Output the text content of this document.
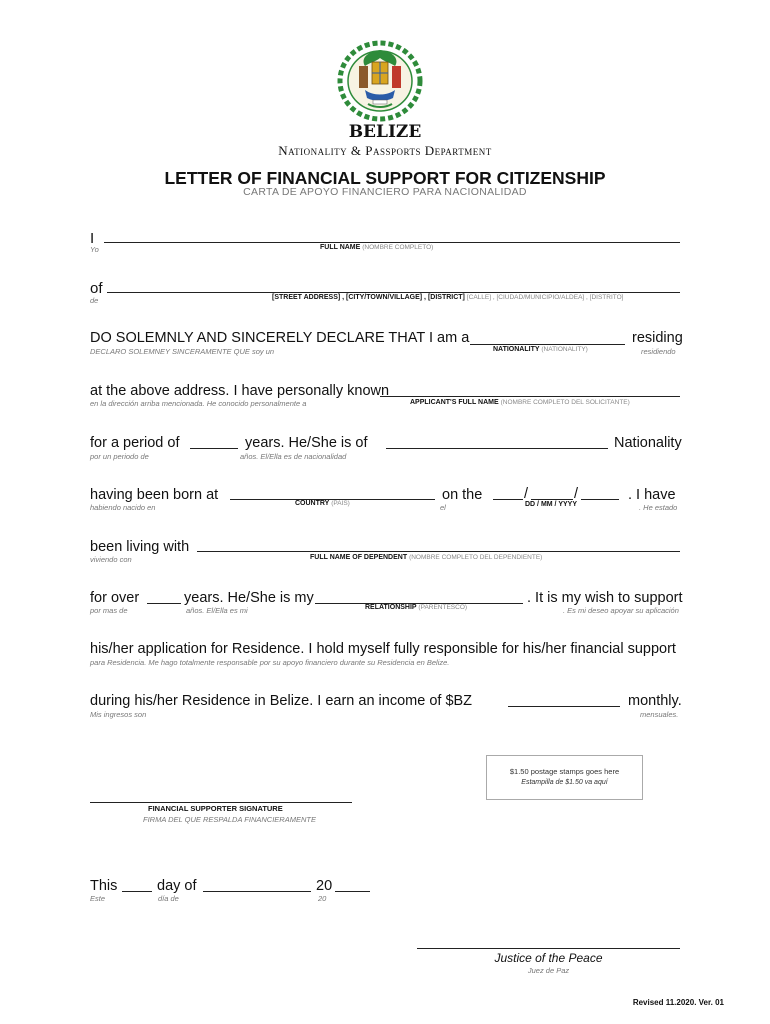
BELIZE
Nationality & Passports Department
LETTER OF FINANCIAL SUPPORT FOR CITIZENSHIP
CARTA DE APOYO FINANCIERO PARA NACIONALIDAD
I
Yo	FULL NAME (NOMBRE COMPLETO)
of
de	[STREET ADDRESS] , [CITY/TOWN/VILLAGE] , [DISTRICT] [CALLE] , [CIUDAD/MUNICIPIO/ALDEA] , [DISTRITO]
DO SOLEMNLY AND SINCERELY DECLARE THAT I am a	residing
DECLARO SOLEMNEY SINCERAMENTE QUE soy un	NATIONALITY (NATIONALITY)	residiendo
at the above address. I have personally known
en la dirección arriba mencionada. He conocido personalmente a	APPLICANT'S FULL NAME (NOMBRE COMPLETO DEL SOLICITANTE)
for a period of	years. He/She is of	Nationality
por un periodo de	años. El/Ella es de nacionalidad
having been born at	on the	/	/	. I have
habiendo nacido en	COUNTRY (PAIS)	el	DD / MM / YYYY	. He estado
been living with
viviendo con	FULL NAME OF DEPENDENT (NOMBRE COMPLETO DEL DEPENDIENTE)
for over	years. He/She is my	. It is my wish to support
por mas de	años. El/Ella es mi	RELATIONSHIP (PARENTESCO)	. Es mi deseo apoyar su aplicación
his/her application for Residence. I hold myself fully responsible for his/her financial support
para Residencia. Me hago totalmente responsable por su apoyo financiero durante su Residencia en Belize.
during his/her Residence in Belize. I earn an income of $BZ	monthly.
Mis ingresos son	mensuales.
$1.50 postage stamps goes here
Estampilla de $1.50 va aquí
FINANCIAL SUPPORTER SIGNATURE
FIRMA DEL QUE RESPALDA FINANCIERAMENTE
This	day of	20
Este	día de	20
Justice of the Peace
Juez de Paz
Revised 11.2020. Ver. 01
